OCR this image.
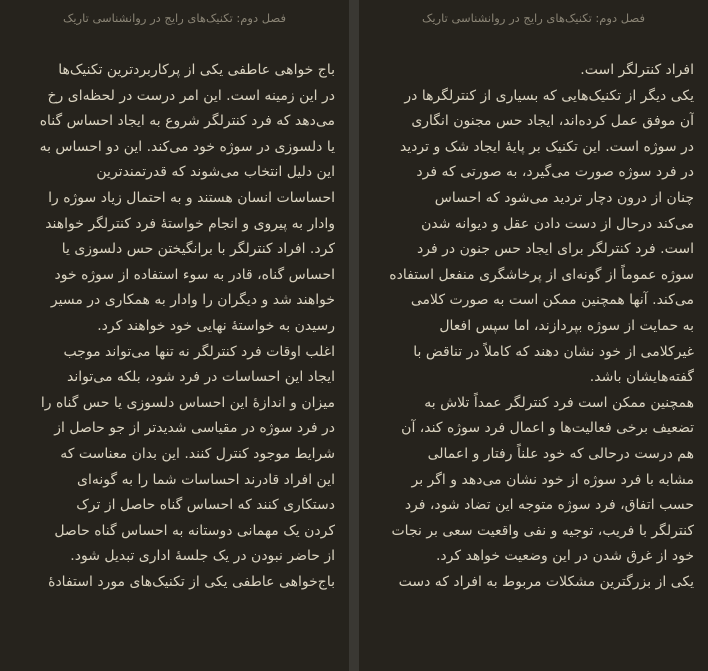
فصل دوم: تکنیک‌های رایج در روانشناسی تاریک
افراد کنترلگر است.
یکی دیگر از تکنیک‌هایی که بسیاری از کنترلگرها در
آن موفق عمل کرده‌اند، ایجاد حس مجنون انگاری
در سوژه است. این تکنیک بر پایهٔ ایجاد شک و تردید
در فرد سوژه صورت می‌گیرد، به صورتی که فرد
چنان از درون دچار تردید می‌شود که احساس
می‌کند درحال از دست دادن عقل و دیوانه شدن
است. فرد کنترلگر برای ایجاد حس جنون در فرد
سوژه عموماً از گونه‌ای از پرخاشگری منفعل استفاده
می‌کند. آنها همچنین ممکن است به صورت کلامی
به حمایت از سوژه بپردازند، اما سپس افعال
غیرکلامی از خود نشان دهند که کاملاً در تناقض با
گفته‌هایشان باشد.
همچنین ممکن است فرد کنترلگر عمداً تلاش به
تضعیف برخی فعالیت‌ها و اعمال فرد سوژه کند، آن
هم درست درحالی که خود علناً رفتار و اعمالی
مشابه با فرد سوژه از خود نشان می‌دهد و اگر بر
حسب اتفاق، فرد سوژه متوجه این تضاد شود، فرد
کنترلگر با فریب، توجیه و نفی واقعیت سعی بر نجات
خود از غرق شدن در این وضعیت خواهد کرد.
یکی از بزرگترین مشکلات مربوط به افراد که دست
فصل دوم: تکنیک‌های رایج در روانشناسی تاریک
باج خواهی عاطفی یکی از پرکاربردترین تکنیک‌ها
در این زمینه است. این امر درست در لحظه‌ای رخ
می‌دهد که فرد کنترلگر شروع به ایجاد احساس گناه
یا دلسوزی در سوژه خود می‌کند. این دو احساس به
این دلیل انتخاب می‌شوند که قدرتمندترین
احساسات انسان هستند و به احتمال زیاد سوژه را
وادار به پیروی و انجام خواستهٔ فرد کنترلگر خواهند
کرد. افراد کنترلگر با برانگیختن حس دلسوزی یا
احساس گناه، قادر به سوء استفاده از سوژه خود
خواهند شد و دیگران را وادار به همکاری در مسیر
رسیدن به خواستهٔ نهایی خود خواهند کرد.
اغلب اوقات فرد کنترلگر نه تنها می‌تواند موجب
ایجاد این احساسات در فرد شود، بلکه می‌تواند
میزان و اندازهٔ این احساس دلسوزی یا حس گناه را
در فرد سوژه در مقیاسی شدیدتر از جو حاصل از
شرایط موجود کنترل کنند. این بدان معناست که
این افراد قادرند احساسات شما را به گونه‌ای
دستکاری کنند که احساس گناه حاصل از ترک
کردن یک مهمانی دوستانه به احساس گناه حاصل
از حاضر نبودن در یک جلسهٔ اداری تبدیل شود.
باج‌خواهی عاطفی یکی از تکنیک‌های مورد استفادهٔ
